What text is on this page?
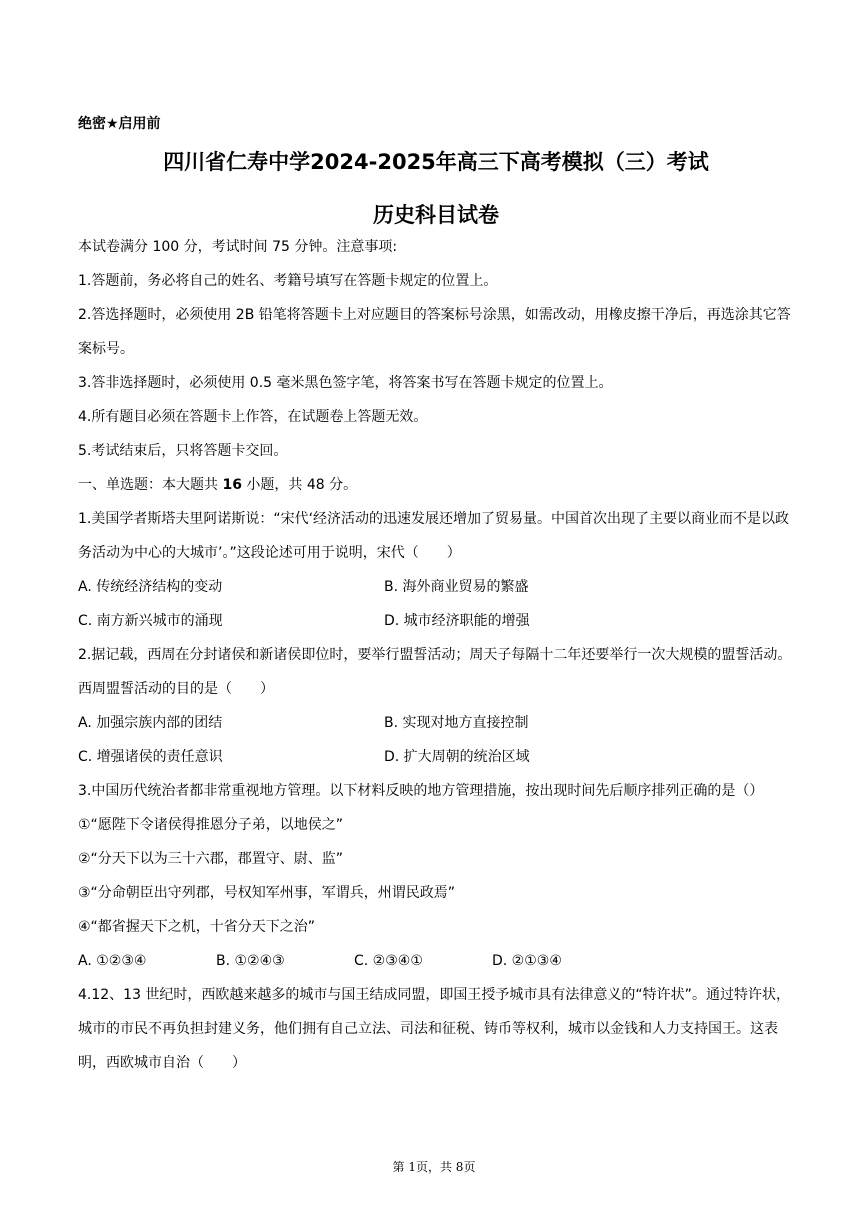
绝密★启用前
四川省仁寿中学2024-2025年高三下高考模拟（三）考试
历史科目试卷
本试卷满分 100 分，考试时间 75 分钟。注意事项:
1.答题前，务必将自己的姓名、考籍号填写在答题卡规定的位置上。
2.答选择题时，必须使用 2B 铅笔将答题卡上对应题目的答案标号涂黑，如需改动，用橡皮擦干净后，再选涂其它答案标号。
3.答非选择题时，必须使用 0.5 毫米黑色签字笔，将答案书写在答题卡规定的位置上。
4.所有题目必须在答题卡上作答，在试题卷上答题无效。
5.考试结束后，只将答题卡交回。
一、单选题：本大题共 16 小题，共 48 分。
1.美国学者斯塔夫里阿诺斯说：“宋代‘经济活动的迅速发展还增加了贸易量。中国首次出现了主要以商业而不是以政务活动为中心的大城市’。”这段论述可用于说明，宋代（　　）
A. 传统经济结构的变动	B. 海外商业贸易的繁盛
C. 南方新兴城市的涌现	D. 城市经济职能的增强
2.据记载，西周在分封诸侯和新诸侯即位时，要举行盟誓活动；周天子每隔十二年还要举行一次大规模的盟誓活动。西周盟誓活动的目的是（　　）
A. 加强宗族内部的团结	B. 实现对地方直接控制
C. 增强诸侯的责任意识	D. 扩大周朝的统治区域
3.中国历代统治者都非常重视地方管理。以下材料反映的地方管理措施，按出现时间先后顺序排列正确的是（）
①“愿陛下令诸侯得推恩分子弟，以地侯之”
②“分天下以为三十六郡，郡置守、尉、监”
③“分命朝臣出守列郡，号权知军州事，军谓兵，州谓民政焉”
④“都省握天下之机，十省分天下之治”
A. ①②③④	B. ①②④③	C. ②③④①	D. ②①③④
4.12、13 世纪时，西欧越来越多的城市与国王结成同盟，即国王授予城市具有法律意义的“特许状”。通过特许状，城市的市民不再负担封建义务，他们拥有自己立法、司法和征税、铸币等权利，城市以金钱和人力支持国王。这表明，西欧城市自治（　　）
第 1页，共 8页
